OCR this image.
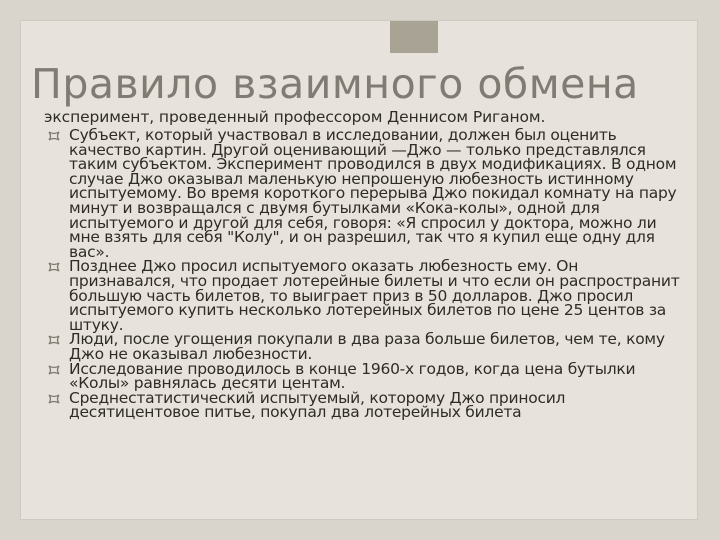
Правило взаимного обмена
эксперимент, проведенный профессором Деннисом Риганом.
Субъект, который участвовал в исследовании, должен был оценить качество картин. Другой оценивающий —Джо — только представлялся таким субъектом. Эксперимент проводился в двух модификациях. В одном случае Джо оказывал маленькую непрошеную любезность истинному испытуемому. Во время короткого перерыва Джо покидал комнату на пару минут и возвращался с двумя бутылками «Кока-колы», одной для испытуемого и другой для себя, говоря: «Я спросил у доктора, можно ли мне взять для себя "Колу", и он разрешил, так что я купил еще одну для вас».
Позднее Джо просил испытуемого оказать любезность ему. Он признавался, что продает лотерейные билеты и что если он распространит большую часть билетов, то выиграет приз в 50 долларов. Джо просил испытуемого купить несколько лотерейных билетов по цене 25 центов за штуку.
Люди, после угощения покупали в два раза больше билетов, чем те, кому Джо не оказывал любезности.
Исследование проводилось в конце 1960-х годов, когда цена бутылки «Колы» равнялась десяти центам.
Среднестатистический испытуемый, которому Джо приносил десятицентовое питье, покупал два лотерейных билета
